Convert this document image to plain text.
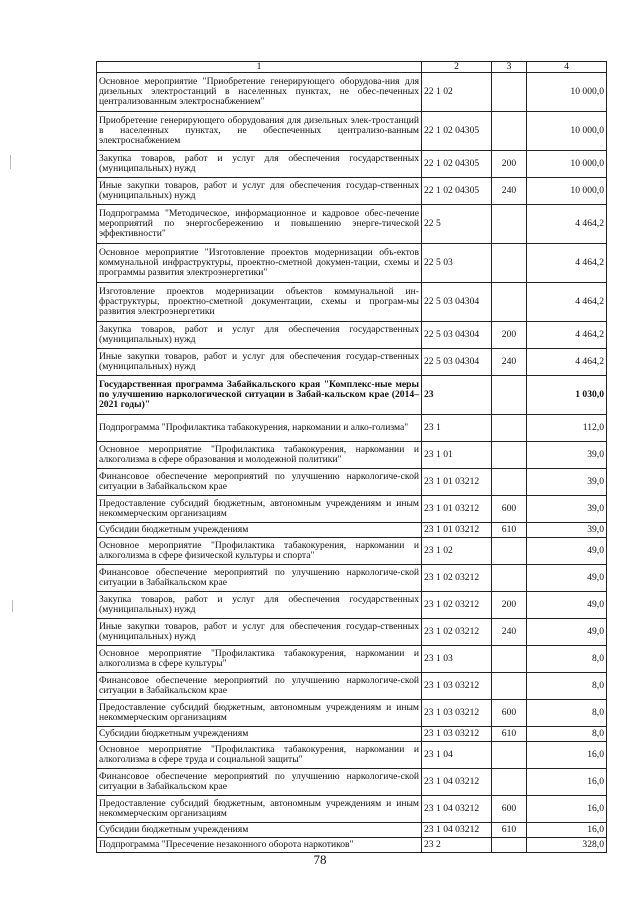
1	2	3	4
Основное мероприятие "Приобретение генерирующего оборудова-ния для дизельных электростанций в населенных пунктах, не обес-печенных централизованным электроснабжением"	22 1 02		10 000,0
Приобретение генерирующего оборудования для дизельных элек-тростанций в населенных пунктах, не обеспеченных централизо-ванным электроснабжением	22 1 02 04305		10 000,0
Закупка товаров, работ и услуг для обеспечения государственных (муниципальных) нужд	22 1 02 04305	200	10 000,0
Иные закупки товаров, работ и услуг для обеспечения государ-ственных (муниципальных) нужд	22 1 02 04305	240	10 000,0
Подпрограмма "Методическое, информационное и кадровое обес-печение мероприятий по энергосбережению и повышению энерге-тической эффективности"	22 5		4 464,2
Основное мероприятие "Изготовление проектов модернизации объ-ектов коммунальной инфраструктуры, проектно-сметной докумен-тации, схемы и программы развития электроэнергетики"	22 5 03		4 464,2
Изготовление проектов модернизации объектов коммунальной ин-фраструктуры, проектно-сметной документации, схемы и програм-мы развития электроэнергетики	22 5 03 04304		4 464,2
Закупка товаров, работ и услуг для обеспечения государственных (муниципальных) нужд	22 5 03 04304	200	4 464,2
Иные закупки товаров, работ и услуг для обеспечения государ-ственных (муниципальных) нужд	22 5 03 04304	240	4 464,2
Государственная программа Забайкальского края "Комплекс-ные меры по улучшению наркологической ситуации в Забай-кальском крае (2014–2021 годы)"	23		1 030,0
Подпрограмма "Профилактика табакокурения, наркомании и алко-голизма"	23 1		112,0
Основное мероприятие "Профилактика табакокурения, наркомании и алкоголизма в сфере образования и молодежной политики"	23 1 01		39,0
Финансовое обеспечение мероприятий по улучшению наркологиче-ской ситуации в Забайкальском крае	23 1 01 03212		39,0
Предоставление субсидий бюджетным, автономным учреждениям и иным некоммерческим организациям	23 1 01 03212	600	39,0
Субсидии бюджетным учреждениям	23 1 01 03212	610	39,0
Основное мероприятие "Профилактика табакокурения, наркомании и алкоголизма в сфере физической культуры и спорта"	23 1 02		49,0
Финансовое обеспечение мероприятий по улучшению наркологиче-ской ситуации в Забайкальском крае	23 1 02 03212		49,0
Закупка товаров, работ и услуг для обеспечения государственных (муниципальных) нужд	23 1 02 03212	200	49,0
Иные закупки товаров, работ и услуг для обеспечения государ-ственных (муниципальных) нужд	23 1 02 03212	240	49,0
Основное мероприятие "Профилактика табакокурения, наркомании и алкоголизма в сфере культуры"	23 1 03		8,0
Финансовое обеспечение мероприятий по улучшению наркологиче-ской ситуации в Забайкальском крае	23 1 03 03212		8,0
Предоставление субсидий бюджетным, автономным учреждениям и иным некоммерческим организациям	23 1 03 03212	600	8,0
Субсидии бюджетным учреждениям	23 1 03 03212	610	8,0
Основное мероприятие "Профилактика табакокурения, наркомании и алкоголизма в сфере труда и социальной защиты"	23 1 04		16,0
Финансовое обеспечение мероприятий по улучшению наркологиче-ской ситуации в Забайкальском крае	23 1 04 03212		16,0
Предоставление субсидий бюджетным, автономным учреждениям и иным некоммерческим организациям	23 1 04 03212	600	16,0
Субсидии бюджетным учреждениям	23 1 04 03212	610	16,0
Подпрограмма "Пресечение незаконного оборота наркотиков"	23 2		328,0
78
